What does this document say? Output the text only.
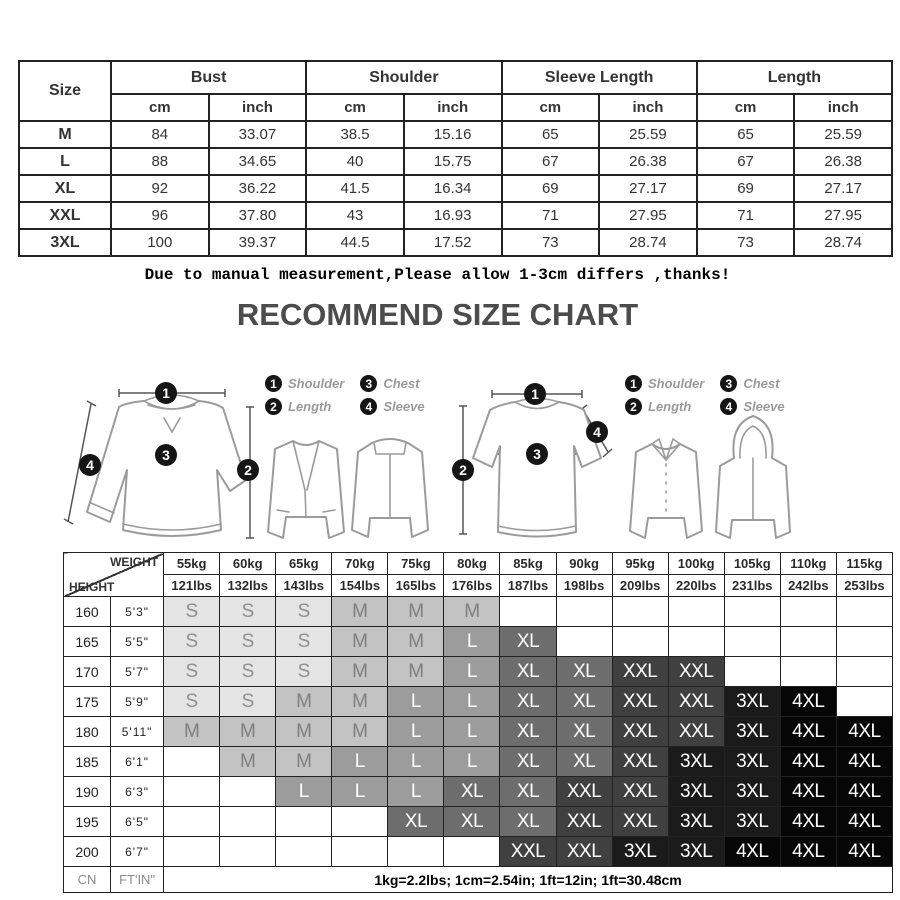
Size	Bust		Shoulder		Sleeve Length		Length	
	cm	inch	cm	inch	cm	inch	cm	inch
M	84	33.07	38.5	15.16	65	25.59	65	25.59
L	88	34.65	40	15.75	67	26.38	67	26.38
XL	92	36.22	41.5	16.34	69	27.17	69	27.17
XXL	96	37.80	43	16.93	71	27.95	71	27.95
3XL	100	39.37	44.5	17.52	73	28.74	73	28.74

Due to manual measurement,Please allow 1-3cm differs ,thanks!

RECOMMEND SIZE CHART
1 Shoulder
2 Length
3 Chest
4 Sleeve
1
2
3
4
1 Shoulder
2 Length
3 Chest
4 Sleeve
1
2
3
4
WEIGHT
HEIGHT		55kg	60kg	65kg	70kg	75kg	80kg	85kg	90kg	95kg	100kg	105kg	110kg	115kg
		121lbs	132lbs	143lbs	154lbs	165lbs	176lbs	187lbs	198lbs	209lbs	220lbs	231lbs	242lbs	253lbs
160	5'3"	S	S	S	M	M	M							
165	5'5"	S	S	S	M	M	L	XL						
170	5'7"	S	S	S	M	M	L	XL	XL	XXL	XXL			
175	5'9"	S	S	M	M	L	L	XL	XL	XXL	XXL	3XL	4XL	
180	5'11"	M	M	M	M	L	L	XL	XL	XXL	XXL	3XL	4XL	4XL
185	6'1"		M	M	L	L	L	XL	XL	XXL	3XL	3XL	4XL	4XL
190	6'3"			L	L	L	XL	XL	XXL	XXL	3XL	3XL	4XL	4XL
195	6'5"					XL	XL	XL	XXL	XXL	3XL	3XL	4XL	4XL
200	6'7"							XXL	XXL	3XL	3XL	4XL	4XL	4XL
CN	FT'IN"	1kg=2.2lbs; 1cm=2.54in; 1ft=12in; 1ft=30.48cm												
